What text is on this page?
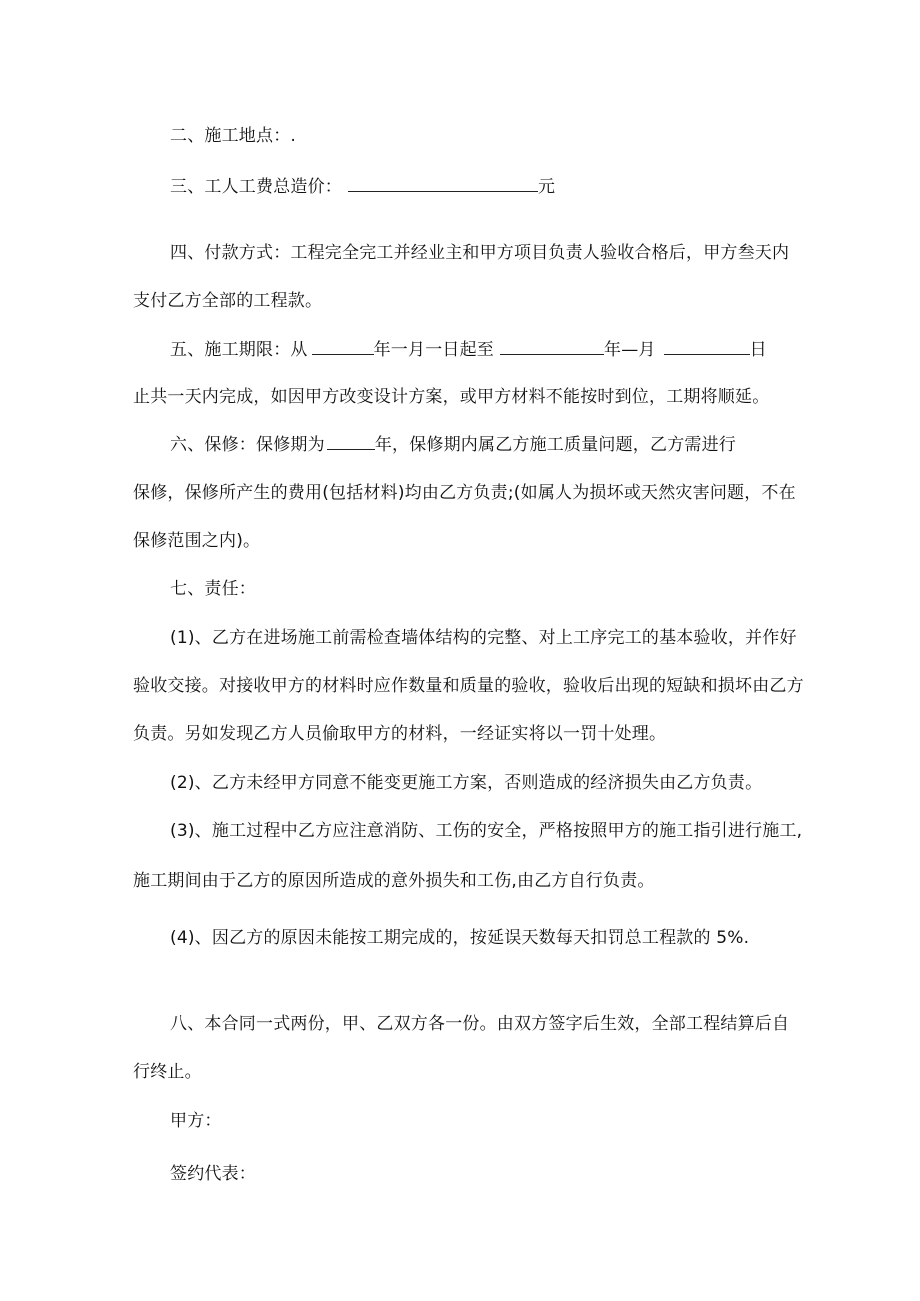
二、施工地点：.
三、工人工费总造价：	元
四、付款方式：工程完全完工并经业主和甲方项目负责人验收合格后，甲方叁天内
支付乙方全部的工程款。
五、施工期限：从	年一月一日起至	年—月	日
止共一天内完成，如因甲方改变设计方案，或甲方材料不能按时到位，工期将顺延。
六、保修：保修期为	年，保修期内属乙方施工质量问题，乙方需进行
保修，保修所产生的费用(包括材料)均由乙方负责;(如属人为损坏或天然灾害问题，不在
保修范围之内)。
七、责任：
(1)、乙方在进场施工前需检查墙体结构的完整、对上工序完工的基本验收，并作好
验收交接。对接收甲方的材料时应作数量和质量的验收，验收后出现的短缺和损坏由乙方
负责。另如发现乙方人员偷取甲方的材料，一经证实将以一罚十处理。
(2)、乙方未经甲方同意不能变更施工方案，否则造成的经济损失由乙方负责。
(3)、施工过程中乙方应注意消防、工伤的安全，严格按照甲方的施工指引进行施工,
施工期间由于乙方的原因所造成的意外损失和工伤,由乙方自行负责。
(4)、因乙方的原因未能按工期完成的，按延误天数每天扣罚总工程款的 5%.
八、本合同一式两份，甲、乙双方各一份。由双方签字后生效，全部工程结算后自
行终止。
甲方：
签约代表：
